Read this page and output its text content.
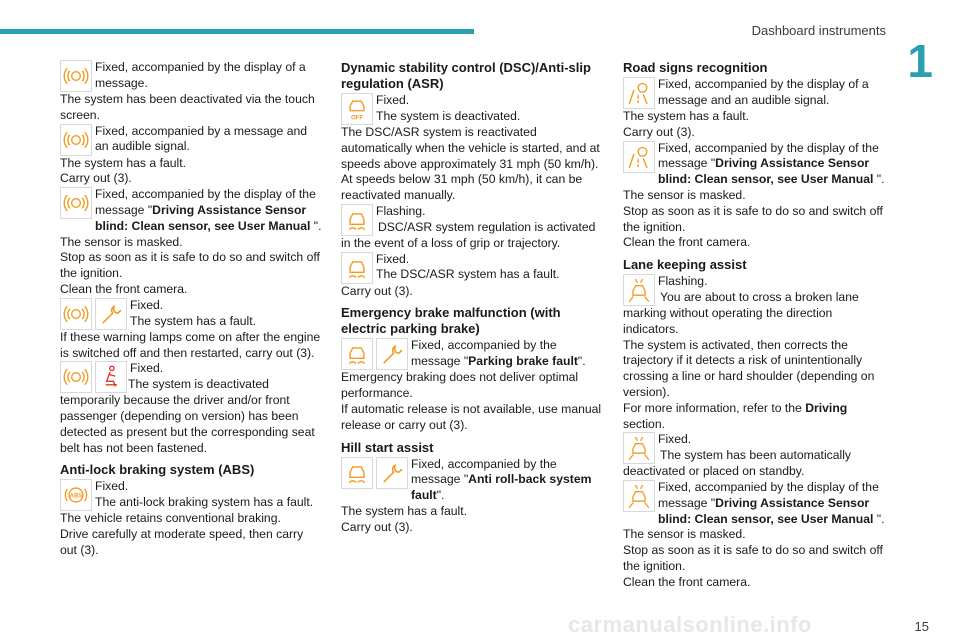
Dashboard instruments
1
15
carmanualsonline.info
Fixed, accompanied by the display of a message.

The system has been deactivated via the touch screen.

Fixed, accompanied by a message and an audible signal.

The system has a fault.

Carry out (3).

Fixed, accompanied by the display of the message "Driving Assistance Sensor blind: Clean sensor, see User Manual ".

The sensor is masked.

Stop as soon as it is safe to do so and switch off the ignition.

Clean the front camera.

Fixed.

The system has a fault.

If these warning lamps come on after the engine is switched off and then restarted, carry out (3).

Fixed.

The system is deactivated temporarily because the driver and/or front passenger (depending on version) has been detected as present but the corresponding seat belt has not been fastened.

Anti-lock braking system (ABS)
ABS

Fixed.

The anti-lock braking system has a fault.

The vehicle retains conventional braking.

Drive carefully at moderate speed, then carry out (3).

Dynamic stability control (DSC)/Anti-slip regulation (ASR)
OFF

Fixed.

The system is deactivated.

The DSC/ASR system is reactivated automatically when the vehicle is started, and at speeds above approximately 31 mph (50 km/h). At speeds below 31 mph (50 km/h), it can be reactivated manually.

Flashing.

DSC/ASR system regulation is activated in the event of a loss of grip or trajectory.

Fixed.

The DSC/ASR system has a fault.

Carry out (3).

Emergency brake malfunction (with electric parking brake)
Fixed, accompanied by the message "Parking brake fault".

Emergency braking does not deliver optimal performance.

If automatic release is not available, use manual release or carry out (3).

Hill start assist
Fixed, accompanied by the message "Anti roll-back system fault".

The system has a fault.

Carry out (3).

Road signs recognition
Fixed, accompanied by the display of a message and an audible signal.

The system has a fault.

Carry out (3).

Fixed, accompanied by the display of the message "Driving Assistance Sensor blind: Clean sensor, see User Manual ".

The sensor is masked.

Stop as soon as it is safe to do so and switch off the ignition.

Clean the front camera.

Lane keeping assist

Flashing.

You are about to cross a broken lane marking without operating the direction indicators.

The system is activated, then corrects the trajectory if it detects a risk of unintentionally crossing a line or hard shoulder (depending on version).

For more information, refer to the Driving section.

Fixed.

The system has been automatically deactivated or placed on standby.

Fixed, accompanied by the display of the message "Driving Assistance Sensor blind: Clean sensor, see User Manual ".

The sensor is masked.

Stop as soon as it is safe to do so and switch off the ignition.

Clean the front camera.
